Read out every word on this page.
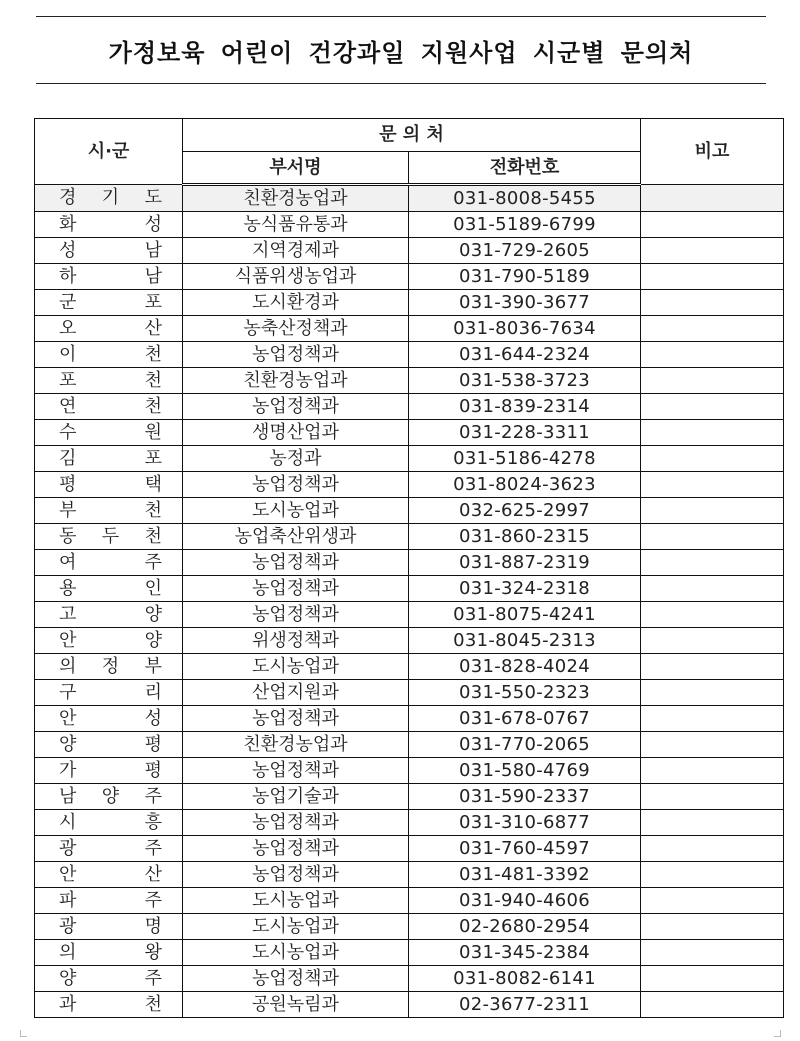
가정보육 어린이 건강과일 지원사업 시군별 문의처
시·군	문 의 처		비고
	부서명	전화번호	

경 기 도	친환경농업과	031-8008-5455	

화 성	농식품유통과	031-5189-6799	

성 남	지역경제과	031-729-2605	

하 남	식품위생농업과	031-790-5189	

군 포	도시환경과	031-390-3677	

오 산	농축산정책과	031-8036-7634	

이 천	농업정책과	031-644-2324	

포 천	친환경농업과	031-538-3723	

연 천	농업정책과	031-839-2314	

수 원	생명산업과	031-228-3311	

김 포	농정과	031-5186-4278	

평 택	농업정책과	031-8024-3623	

부 천	도시농업과	032-625-2997	

동 두 천	농업축산위생과	031-860-2315	

여 주	농업정책과	031-887-2319	

용 인	농업정책과	031-324-2318	

고 양	농업정책과	031-8075-4241	

안 양	위생정책과	031-8045-2313	

의 정 부	도시농업과	031-828-4024	

구 리	산업지원과	031-550-2323	

안 성	농업정책과	031-678-0767	

양 평	친환경농업과	031-770-2065	

가 평	농업정책과	031-580-4769	

남 양 주	농업기술과	031-590-2337	

시 흥	농업정책과	031-310-6877	

광 주	농업정책과	031-760-4597	

안 산	농업정책과	031-481-3392	

파 주	도시농업과	031-940-4606	

광 명	도시농업과	02-2680-2954	

의 왕	도시농업과	031-345-2384	

양 주	농업정책과	031-8082-6141	

과 천	공원녹림과	02-3677-2311	
